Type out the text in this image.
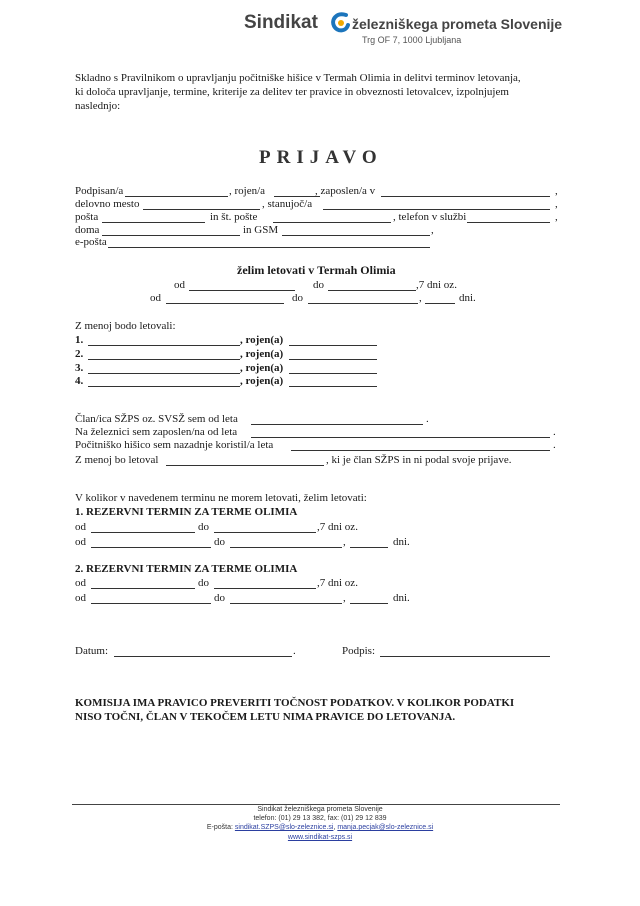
Sindikat železniškega prometa Slovenije
Trg OF 7, 1000 Ljubljana
Skladno s Pravilnikom o upravljanju počitniške hišice v Termah Olimia in delitvi terminov letovanja,
ki določa upravljanje, termine, kriterije za delitev ter pravice in obveznosti letovalcev, izpolnjujem
naslednjo:
PRIJAVO
Podpisan/a	, rojen/a	, zaposlen/a v	,
delovno mesto	, stanujoč/a	,
pošta	in št. pošte	, telefon v službi	,
doma	in GSM	,
e-pošta
želim letovati v Termah Olimia
od	do	,7 dni oz.
od	do	,	dni.
Z menoj bodo letovali:
1.	, rojen(a)
2.	, rojen(a)
3.	, rojen(a)
4.	, rojen(a)
Član/ica SŽPS oz. SVSŽ sem od leta	.
Na železnici sem zaposlen/na od leta	.
Počitniško hišico sem nazadnje koristil/a leta	.
Z menoj bo letoval	, ki je član SŽPS in ni podal svoje prijave.
V kolikor v navedenem terminu ne morem letovati, želim letovati:
1. REZERVNI TERMIN ZA TERME OLIMIA
od	do	,7 dni oz.
od	do	,	dni.
2. REZERVNI TERMIN ZA TERME OLIMIA
od	do	,7 dni oz.
od	do	,	dni.
Datum:	.	Podpis:
KOMISIJA IMA PRAVICO PREVERITI TOČNOST PODATKOV. V KOLIKOR PODATKI
NISO TOČNI, ČLAN V TEKOČEM LETU NIMA PRAVICE DO LETOVANJA.
Sindikat železniškega prometa Slovenije
telefon: (01) 29 13 382, fax: (01) 29 12 839
E-pošta: sindikat.SZPS@slo-zeleznice.si, manja.pecjak@slo-zeleznice.si
www.sindikat-szps.si
